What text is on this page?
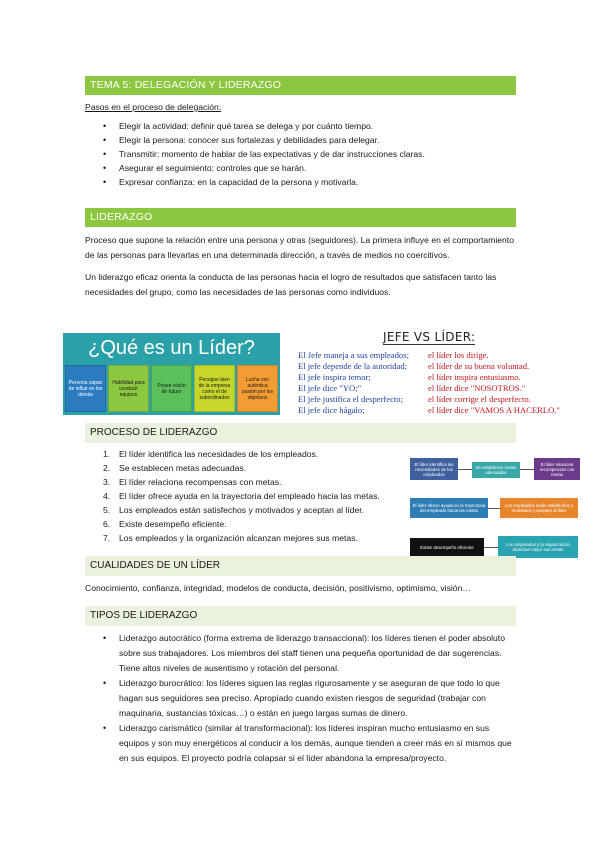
TEMA 5: DELEGACIÓN Y LIDERAZGO

Pasos en el proceso de delegación:

• Elegir la actividad: definir qué tarea se delega y por cuánto tiempo.
• Elegir la persona: conocer sus fortalezas y debilidades para delegar.
• Transmitir: momento de hablar de las expectativas y de dar instrucciones claras.
• Asegurar el seguimiento: controles que se harán.
• Expresar confianza: en la capacidad de la persona y motivarla.
LIDERAZGO

Proceso que supone la relación entre una persona y otras (seguidores). La primera influye en el comportamiento de las personas para llevarlas en una determinada dirección, a través de medios no coercitivos.

Un liderazgo eficaz orienta la conducta de las personas hacia el logro de resultados que satisfacen tanto las necesidades del grupo, como las necesidades de las personas como individuos.

¿Qué es un Líder?
Persona capaz de influir en los demás
Habilidad para conducir equipos
Posee visión de futuro
Persigue bien de la empresa como el de subordinados
Lucha con auténtica pasión por los objetivos
JEFE VS LÍDER:
El Jefe maneja a sus empleados;
El jefe depende de la autoridad;
El jefe inspira temor;
El jefe dice "YO;"
El jefe justifica el desperfecto;
El jefe dice hágalo;
el líder los dirige.
el líder de su buena voluntad.
el líder inspira entusiasmo.
el líder dice "NOSOTROS."
el líder corrige el desperfecto.
el líder dice "VAMOS A HACERLO."
PROCESO DE LIDERAZGO
1. El líder identifica las necesidades de los empleados.
2. Se establecen metas adecuadas.
3. El líder relaciona recompensas con metas.
4. El líder ofrece ayuda en la trayectoria del empleado hacia las metas.
5. Los empleados están satisfechos y motivados y aceptan al líder.
6. Existe desempeño eficiente.
7. Los empleados y la organización alcanzan mejores sus metas.
El líder identifica las necesidades de los empleados
Se establecen metas adecuadas
El líder relaciona recompensas con metas
El líder ofrece ayuda en la trayectoria del empleado hacia las metas
Los empleados están satisfechos y motivados y aceptan al líder
Existe desempeño eficiente	Los empleados y la organización alcanzan mejor sus metas
CUALIDADES DE UN LÍDER

Conocimiento, confianza, integridad, modelos de conducta, decisión, positivismo, optimismo, visión…

TIPOS DE LIDERAZGO
• Liderazgo autocrático (forma extrema de liderazgo transaccional): los líderes tienen el poder absoluto sobre sus trabajadores. Los miembros del staff tienen una pequeña oportunidad de dar sugerencias. Tiene altos niveles de ausentismo y rotación del personal.
• Liderazgo burocrático: los líderes siguen las reglas rigurosamente y se aseguran de que todo lo que hagan sus seguidores sea preciso. Apropiado cuando existen riesgos de seguridad (trabajar con maquinaria, sustancias tóxicas…) o están en juego largas sumas de dinero.
• Liderazgo carismático (similar al transformacional): los líderes inspiran mucho entusiasmo en sus equipos y son muy energéticos al conducir a los demás, aunque tienden a creer más en sí mismos que en sus equipos. El proyecto podría colapsar si el líder abandona la empresa/proyecto.
